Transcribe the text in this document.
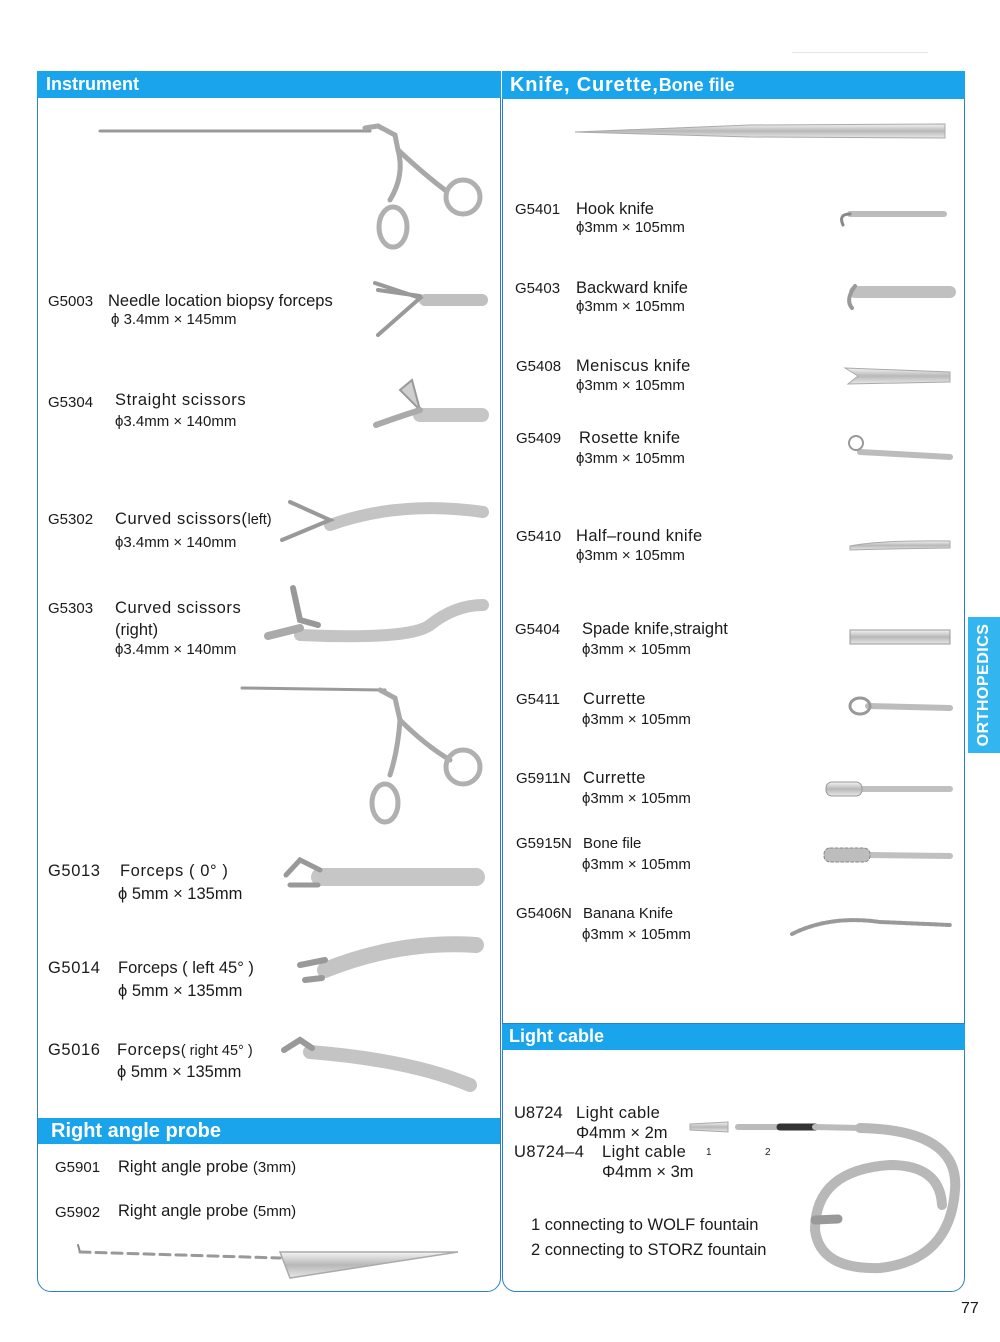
Instrument
G5003 Needle location biopsy forceps
ϕ 3.4mm × 145mm
G5304 Straight scissors
ϕ3.4mm × 140mm
G5302 Curved scissors(left)
ϕ3.4mm × 140mm
G5303 Curved scissors
(right)
ϕ3.4mm × 140mm
G5013 Forceps ( 0° )
ϕ 5mm × 135mm
G5014 Forceps ( left 45° )
ϕ 5mm × 135mm
G5016 Forceps( right 45° )
ϕ 5mm × 135mm
Right angle probe
G5901 Right angle probe (3mm)
G5902 Right angle probe (5mm)
Knife, Curette,Bone file
Light cable
G5401 Hook knife
ϕ3mm × 105mm
G5403 Backward knife
ϕ3mm × 105mm
G5408 Meniscus knife
ϕ3mm × 105mm
G5409 Rosette knife
ϕ3mm × 105mm
G5410 Half–round knife
ϕ3mm × 105mm
G5404 Spade knife,straight
ϕ3mm × 105mm
G5411 Currette
ϕ3mm × 105mm
G5911N Currette
ϕ3mm × 105mm
G5915N Bone file
ϕ3mm × 105mm
G5406N Banana Knife
ϕ3mm × 105mm
U8724 Light cable
Φ4mm × 2m
U8724–4 Light cable
Φ4mm × 3m
1	2
1 connecting to WOLF fountain
2 connecting to STORZ fountain
ORTHOPEDICS
77
